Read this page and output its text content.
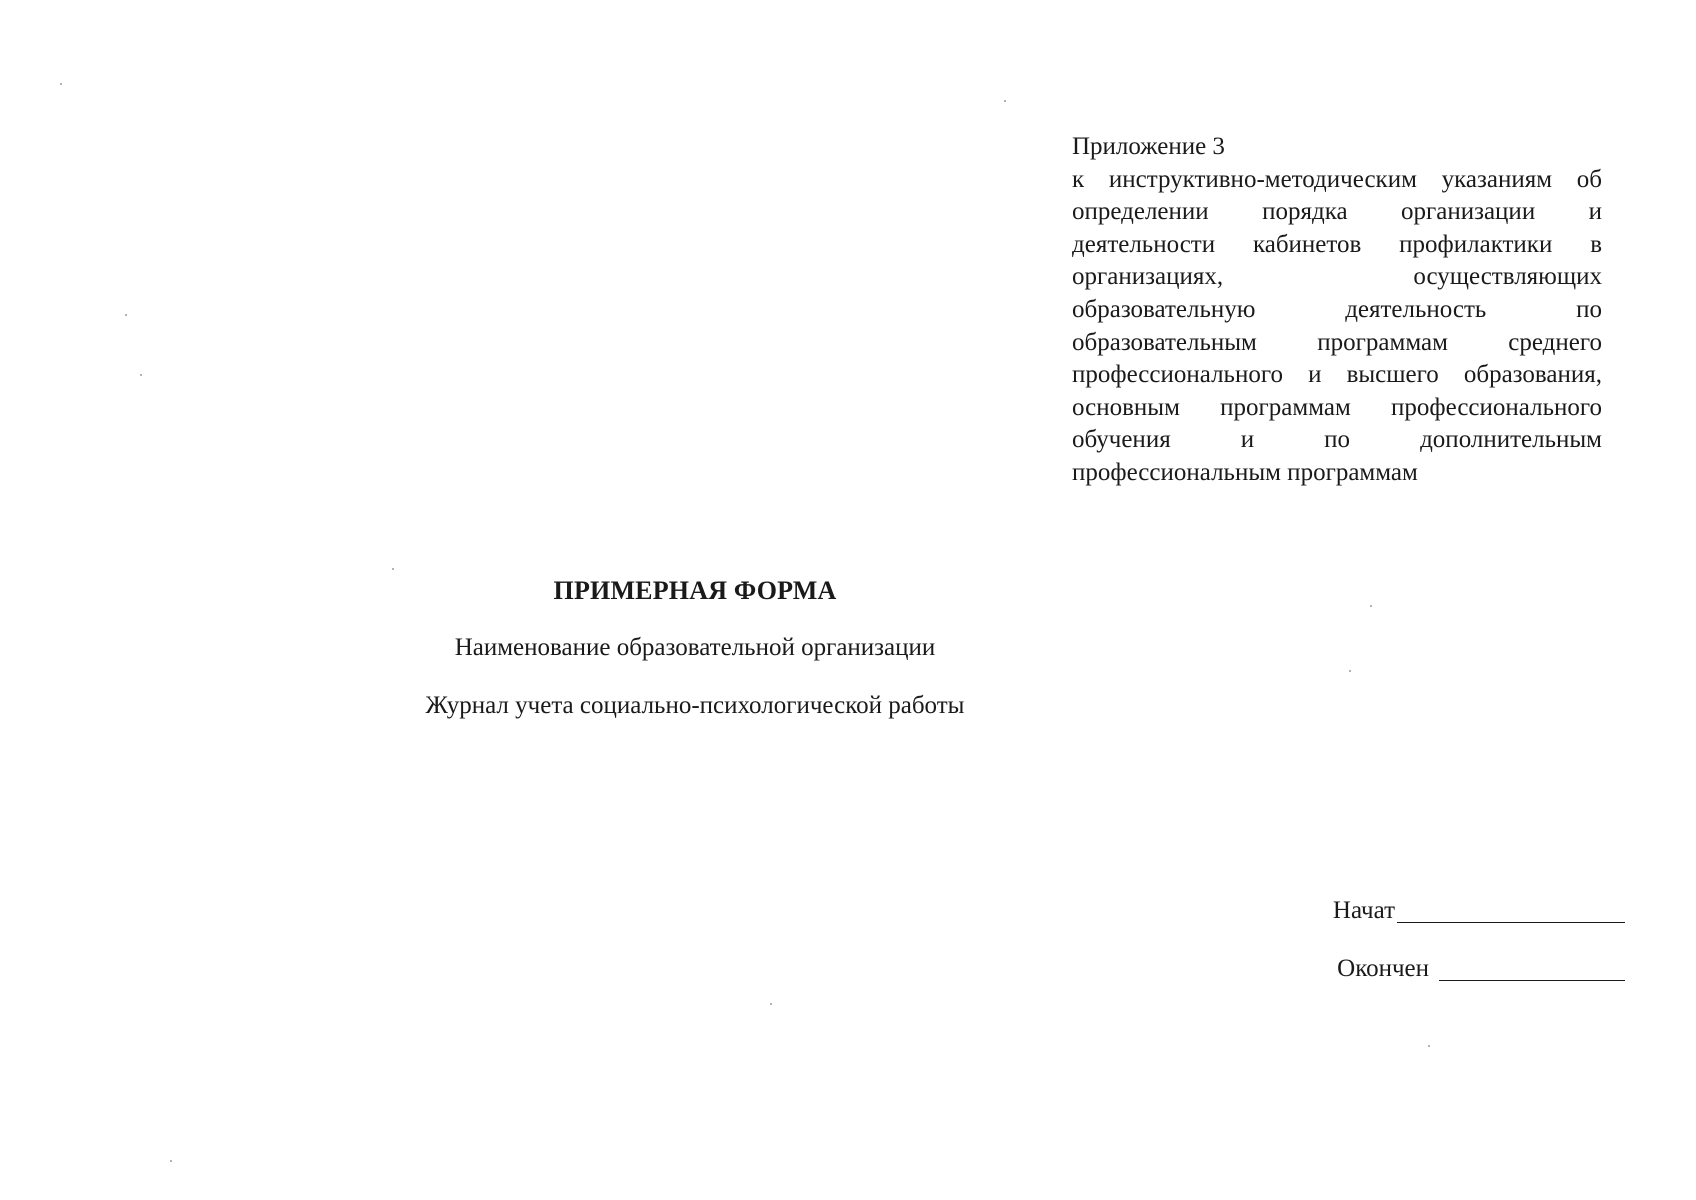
Приложение 3
к инструктивно-методическим указаниям об определении порядка организации и деятельности кабинетов профилактики в организациях, осуществляющих образовательную деятельность по образовательным программам среднего профессионального и высшего образования, основным программам профессионального обучения и по дополнительным профессиональным программам
ПРИМЕРНАЯ ФОРМА
Наименование образовательной организации
Журнал учета социально-психологической работы
Начат
Окончен
